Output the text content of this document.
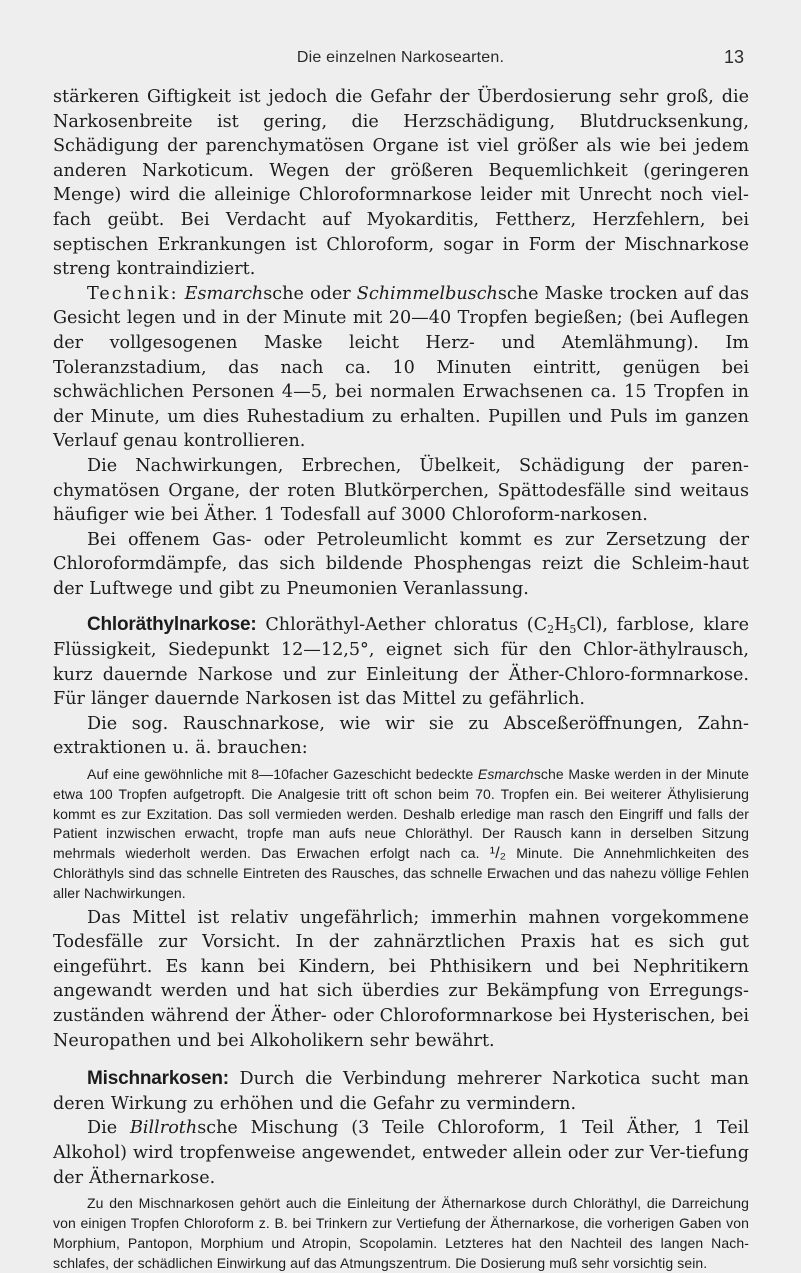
Die einzelnen Narkosearten.	13

stärkeren Giftigkeit ist jedoch die Gefahr der Überdosierung sehr groß, die Narkosenbreite ist gering, die Herzschädigung, Blutdrucksenkung, Schädigung der parenchymatösen Organe ist viel größer als wie bei jedem anderen Narkoticum. Wegen der größeren Bequemlichkeit (geringeren Menge) wird die alleinige Chloroformnarkose leider mit Unrecht noch viel-fach geübt. Bei Verdacht auf Myokarditis, Fettherz, Herzfehlern, bei septischen Erkrankungen ist Chloroform, sogar in Form der Mischnarkose streng kontraindiziert.

Technik: Esmarchsche oder Schimmelbuschsche Maske trocken auf das Gesicht legen und in der Minute mit 20—40 Tropfen begießen; (bei Auflegen der vollgesogenen Maske leicht Herz- und Atemlähmung). Im Toleranzstadium, das nach ca. 10 Minuten eintritt, genügen bei schwächlichen Personen 4—5, bei normalen Erwachsenen ca. 15 Tropfen in der Minute, um dies Ruhestadium zu erhalten. Pupillen und Puls im ganzen Verlauf genau kontrollieren.

Die Nachwirkungen, Erbrechen, Übelkeit, Schädigung der paren-chymatösen Organe, der roten Blutkörperchen, Spättodesfälle sind weitaus häufiger wie bei Äther. 1 Todesfall auf 3000 Chloroform-narkosen.

Bei offenem Gas- oder Petroleumlicht kommt es zur Zersetzung der Chloroformdämpfe, das sich bildende Phosphengas reizt die Schleim-haut der Luftwege und gibt zu Pneumonien Veranlassung.

Chloräthylnarkose: Chloräthyl-Aether chloratus $(C_2H_5Cl)$, farblose, klare Flüssigkeit, Siedepunkt 12—12,5°, eignet sich für den Chlor-äthylrausch, kurz dauernde Narkose und zur Einleitung der Äther-Chloro-formnarkose. Für länger dauernde Narkosen ist das Mittel zu gefährlich.

Die sog. Rauschnarkose, wie wir sie zu Absceßeröffnungen, Zahn-extraktionen u. ä. brauchen:

Auf eine gewöhnliche mit 8—10facher Gazeschicht bedeckte Esmarchsche Maske werden in der Minute etwa 100 Tropfen aufgetropft. Die Analgesie tritt oft schon beim 70. Tropfen ein. Bei weiterer Äthylisierung kommt es zur Exzitation. Das soll vermieden werden. Deshalb erledige man rasch den Eingriff und falls der Patient inzwischen erwacht, tropfe man aufs neue Chloräthyl. Der Rausch kann in derselben Sitzung mehrmals wiederholt werden. Das Erwachen erfolgt nach ca. ¹/₂ Minute. Die Annehmlichkeiten des Chloräthyls sind das schnelle Eintreten des Rausches, das schnelle Erwachen und das nahezu völlige Fehlen aller Nachwirkungen.

Das Mittel ist relativ ungefährlich; immerhin mahnen vorgekommene Todesfälle zur Vorsicht. In der zahnärztlichen Praxis hat es sich gut eingeführt. Es kann bei Kindern, bei Phthisikern und bei Nephritikern angewandt werden und hat sich überdies zur Bekämpfung von Erregungs-zuständen während der Äther- oder Chloroformnarkose bei Hysterischen, bei Neuropathen und bei Alkoholikern sehr bewährt.

Mischnarkosen: Durch die Verbindung mehrerer Narkotica sucht man deren Wirkung zu erhöhen und die Gefahr zu vermindern.

Die Billrothsche Mischung (3 Teile Chloroform, 1 Teil Äther, 1 Teil Alkohol) wird tropfenweise angewendet, entweder allein oder zur Ver-tiefung der Äthernarkose.

Zu den Mischnarkosen gehört auch die Einleitung der Äthernarkose durch Chloräthyl, die Darreichung von einigen Tropfen Chloroform z. B. bei Trinkern zur Vertiefung der Äthernarkose, die vorherigen Gaben von Morphium, Pantopon, Morphium und Atropin, Scopolamin. Letzteres hat den Nachteil des langen Nach-schlafes, der schädlichen Einwirkung auf das Atmungszentrum. Die Dosierung muß sehr vorsichtig sein.
